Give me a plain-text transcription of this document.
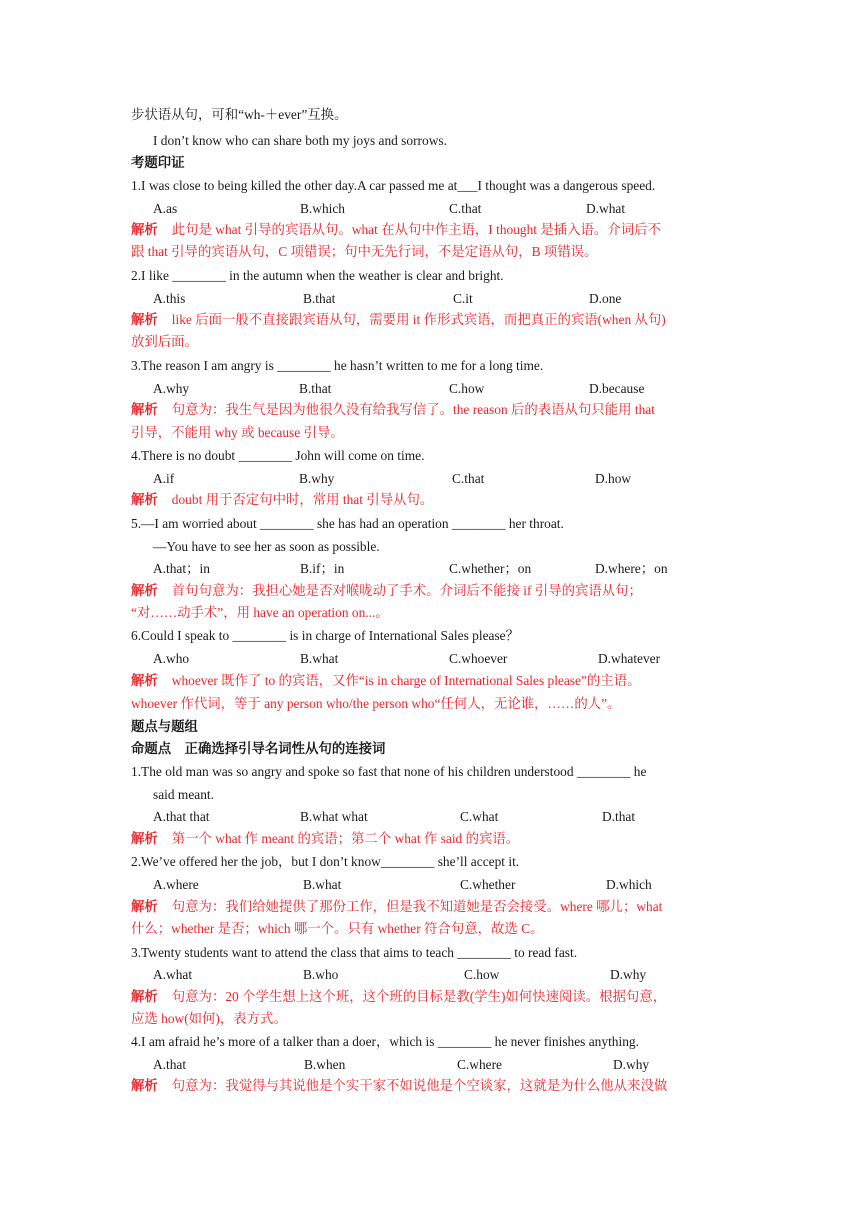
步状语从句，可和“wh-＋ever”互换。
I don’t know who can share both my joys and sorrows.
考题印证
1.I was close to being killed the other day.A car passed me at___I thought was a dangerous speed.
A.as	B.which	C.that	D.what
解析 此句是 what 引导的宾语从句。what 在从句中作主语，I thought 是插入语。介词后不
跟 that 引导的宾语从句，C 项错误；句中无先行词，不是定语从句，B 项错误。
2.I like ________ in the autumn when the weather is clear and bright.
A.this	B.that	C.it	D.one
解析 like 后面一般不直接跟宾语从句，需要用 it 作形式宾语，而把真正的宾语(when 从句)
放到后面。
3.The reason I am angry is ________ he hasn’t written to me for a long time.
A.why	B.that	C.how	D.because
解析 句意为：我生气是因为他很久没有给我写信了。the reason 后的表语从句只能用 that
引导，不能用 why 或 because 引导。
4.There is no doubt ________ John will come on time.
A.if	B.why	C.that	D.how
解析 doubt 用于否定句中时，常用 that 引导从句。
5.—I am worried about ________ she has had an operation ________ her throat.
—You have to see her as soon as possible.
A.that；in	B.if；in	C.whether；on	D.where；on
解析 首句句意为：我担心她是否对喉咙动了手术。介词后不能接 if 引导的宾语从句；
“对……动手术”，用 have an operation on...。
6.Could I speak to ________ is in charge of International Sales please？
A.who	B.what	C.whoever	D.whatever
解析 whoever 既作了 to 的宾语，又作“is in charge of International Sales please”的主语。
whoever 作代词，等于 any person who/the person who“任何人，无论谁，……的人”。
题点与题组
命题点　正确选择引导名词性从句的连接词
1.The old man was so angry and spoke so fast that none of his children understood ________ he
said meant.
A.that that	B.what what	C.what	D.that
解析 第一个 what 作 meant 的宾语；第二个 what 作 said 的宾语。
2.We’ve offered her the job，but I don’t know________ she’ll accept it.
A.where	B.what	C.whether	D.which
解析 句意为：我们给她提供了那份工作，但是我不知道她是否会接受。where 哪儿；what
什么；whether 是否；which 哪一个。只有 whether 符合句意，故选 C。
3.Twenty students want to attend the class that aims to teach ________ to read fast.
A.what	B.who	C.how	D.why
解析 句意为：20 个学生想上这个班，这个班的目标是教(学生)如何快速阅读。根据句意，
应选 how(如何)，表方式。
4.I am afraid he’s more of a talker than a doer，which is ________ he never finishes anything.
A.that	B.when	C.where	D.why
解析 句意为：我觉得与其说他是个实干家不如说他是个空谈家，这就是为什么他从来没做
